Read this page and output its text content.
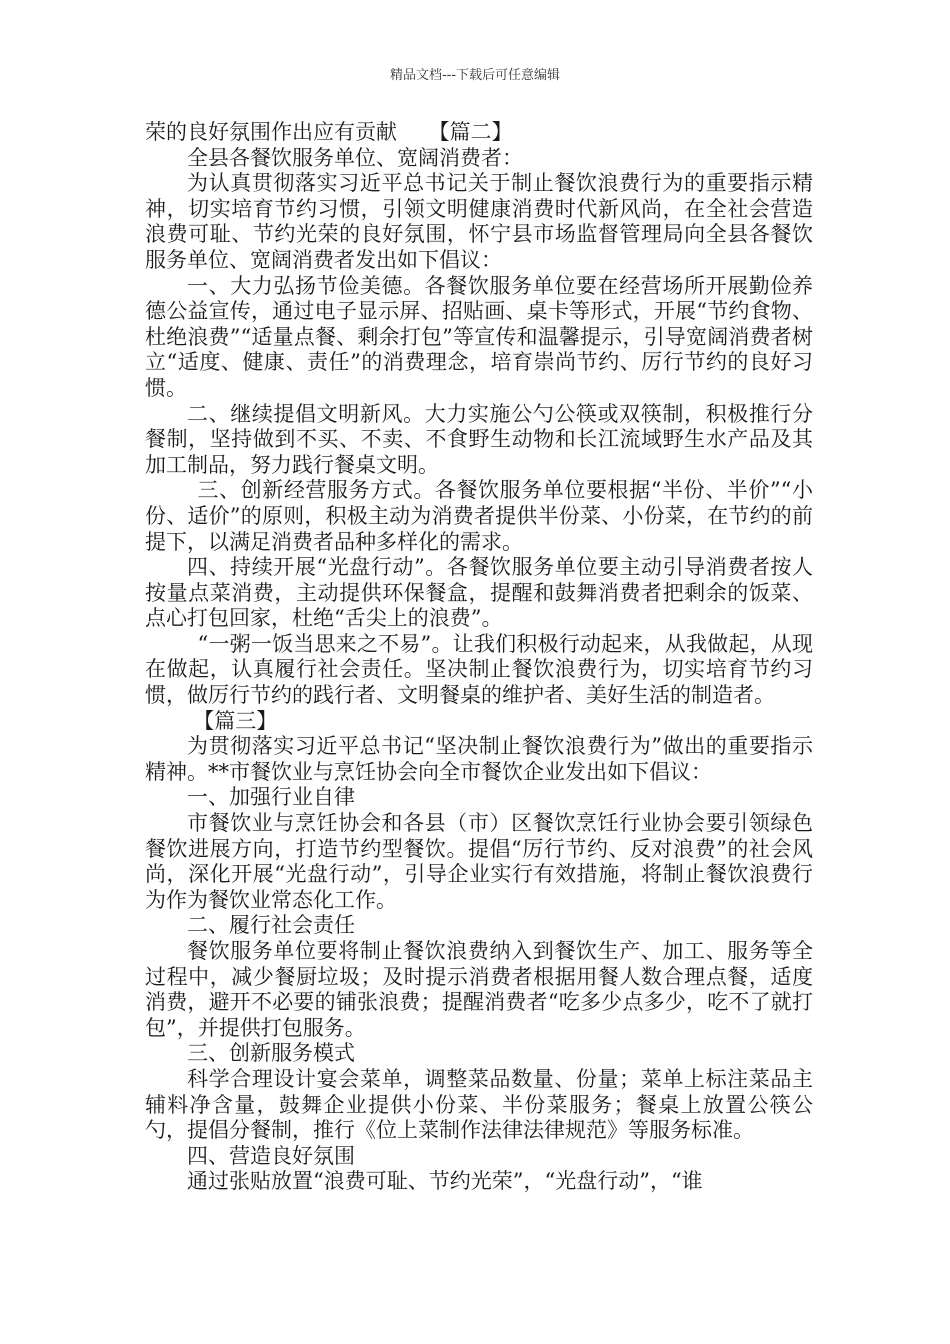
精品文档---下载后可任意编辑

荣的良好氛围作出应有贡献　　【篇二】

全县各餐饮服务单位、宽阔消费者：

为认真贯彻落实习近平总书记关于制止餐饮浪费行为的重要指示精神，切实培育节约习惯，引领文明健康消费时代新风尚，在全社会营造浪费可耻、节约光荣的良好氛围，怀宁县市场监督管理局向全县各餐饮服务单位、宽阔消费者发出如下倡议：

一、大力弘扬节俭美德。各餐饮服务单位要在经营场所开展勤俭养德公益宣传，通过电子显示屏、招贴画、桌卡等形式，开展“节约食物、杜绝浪费”“适量点餐、剩余打包”等宣传和温馨提示，引导宽阔消费者树立“适度、健康、责任”的消费理念，培育崇尚节约、厉行节约的良好习惯。

二、继续提倡文明新风。大力实施公勺公筷或双筷制，积极推行分餐制，坚持做到不买、不卖、不食野生动物和长江流域野生水产品及其加工制品，努力践行餐桌文明。

三、创新经营服务方式。各餐饮服务单位要根据“半份、半价”“小份、适价”的原则，积极主动为消费者提供半份菜、小份菜，在节约的前提下，以满足消费者品种多样化的需求。

四、持续开展“光盘行动”。各餐饮服务单位要主动引导消费者按人按量点菜消费，主动提供环保餐盒，提醒和鼓舞消费者把剩余的饭菜、点心打包回家，杜绝“舌尖上的浪费”。

“一粥一饭当思来之不易”。让我们积极行动起来，从我做起，从现在做起，认真履行社会责任。坚决制止餐饮浪费行为，切实培育节约习惯，做厉行节约的践行者、文明餐桌的维护者、美好生活的制造者。

【篇三】

为贯彻落实习近平总书记“坚决制止餐饮浪费行为”做出的重要指示精神。**市餐饮业与烹饪协会向全市餐饮企业发出如下倡议：

一、加强行业自律

市餐饮业与烹饪协会和各县（市）区餐饮烹饪行业协会要引领绿色餐饮进展方向，打造节约型餐饮。提倡“厉行节约、反对浪费”的社会风尚，深化开展“光盘行动”，引导企业实行有效措施，将制止餐饮浪费行为作为餐饮业常态化工作。

二、履行社会责任

餐饮服务单位要将制止餐饮浪费纳入到餐饮生产、加工、服务等全过程中，减少餐厨垃圾；及时提示消费者根据用餐人数合理点餐，适度消费，避开不必要的铺张浪费；提醒消费者“吃多少点多少，吃不了就打包”，并提供打包服务。

三、创新服务模式

科学合理设计宴会菜单，调整菜品数量、份量；菜单上标注菜品主辅料净含量，鼓舞企业提供小份菜、半份菜服务；餐桌上放置公筷公勺，提倡分餐制，推行《位上菜制作法律法律规范》等服务标准。

四、营造良好氛围

通过张贴放置“浪费可耻、节约光荣”，“光盘行动”，“谁
